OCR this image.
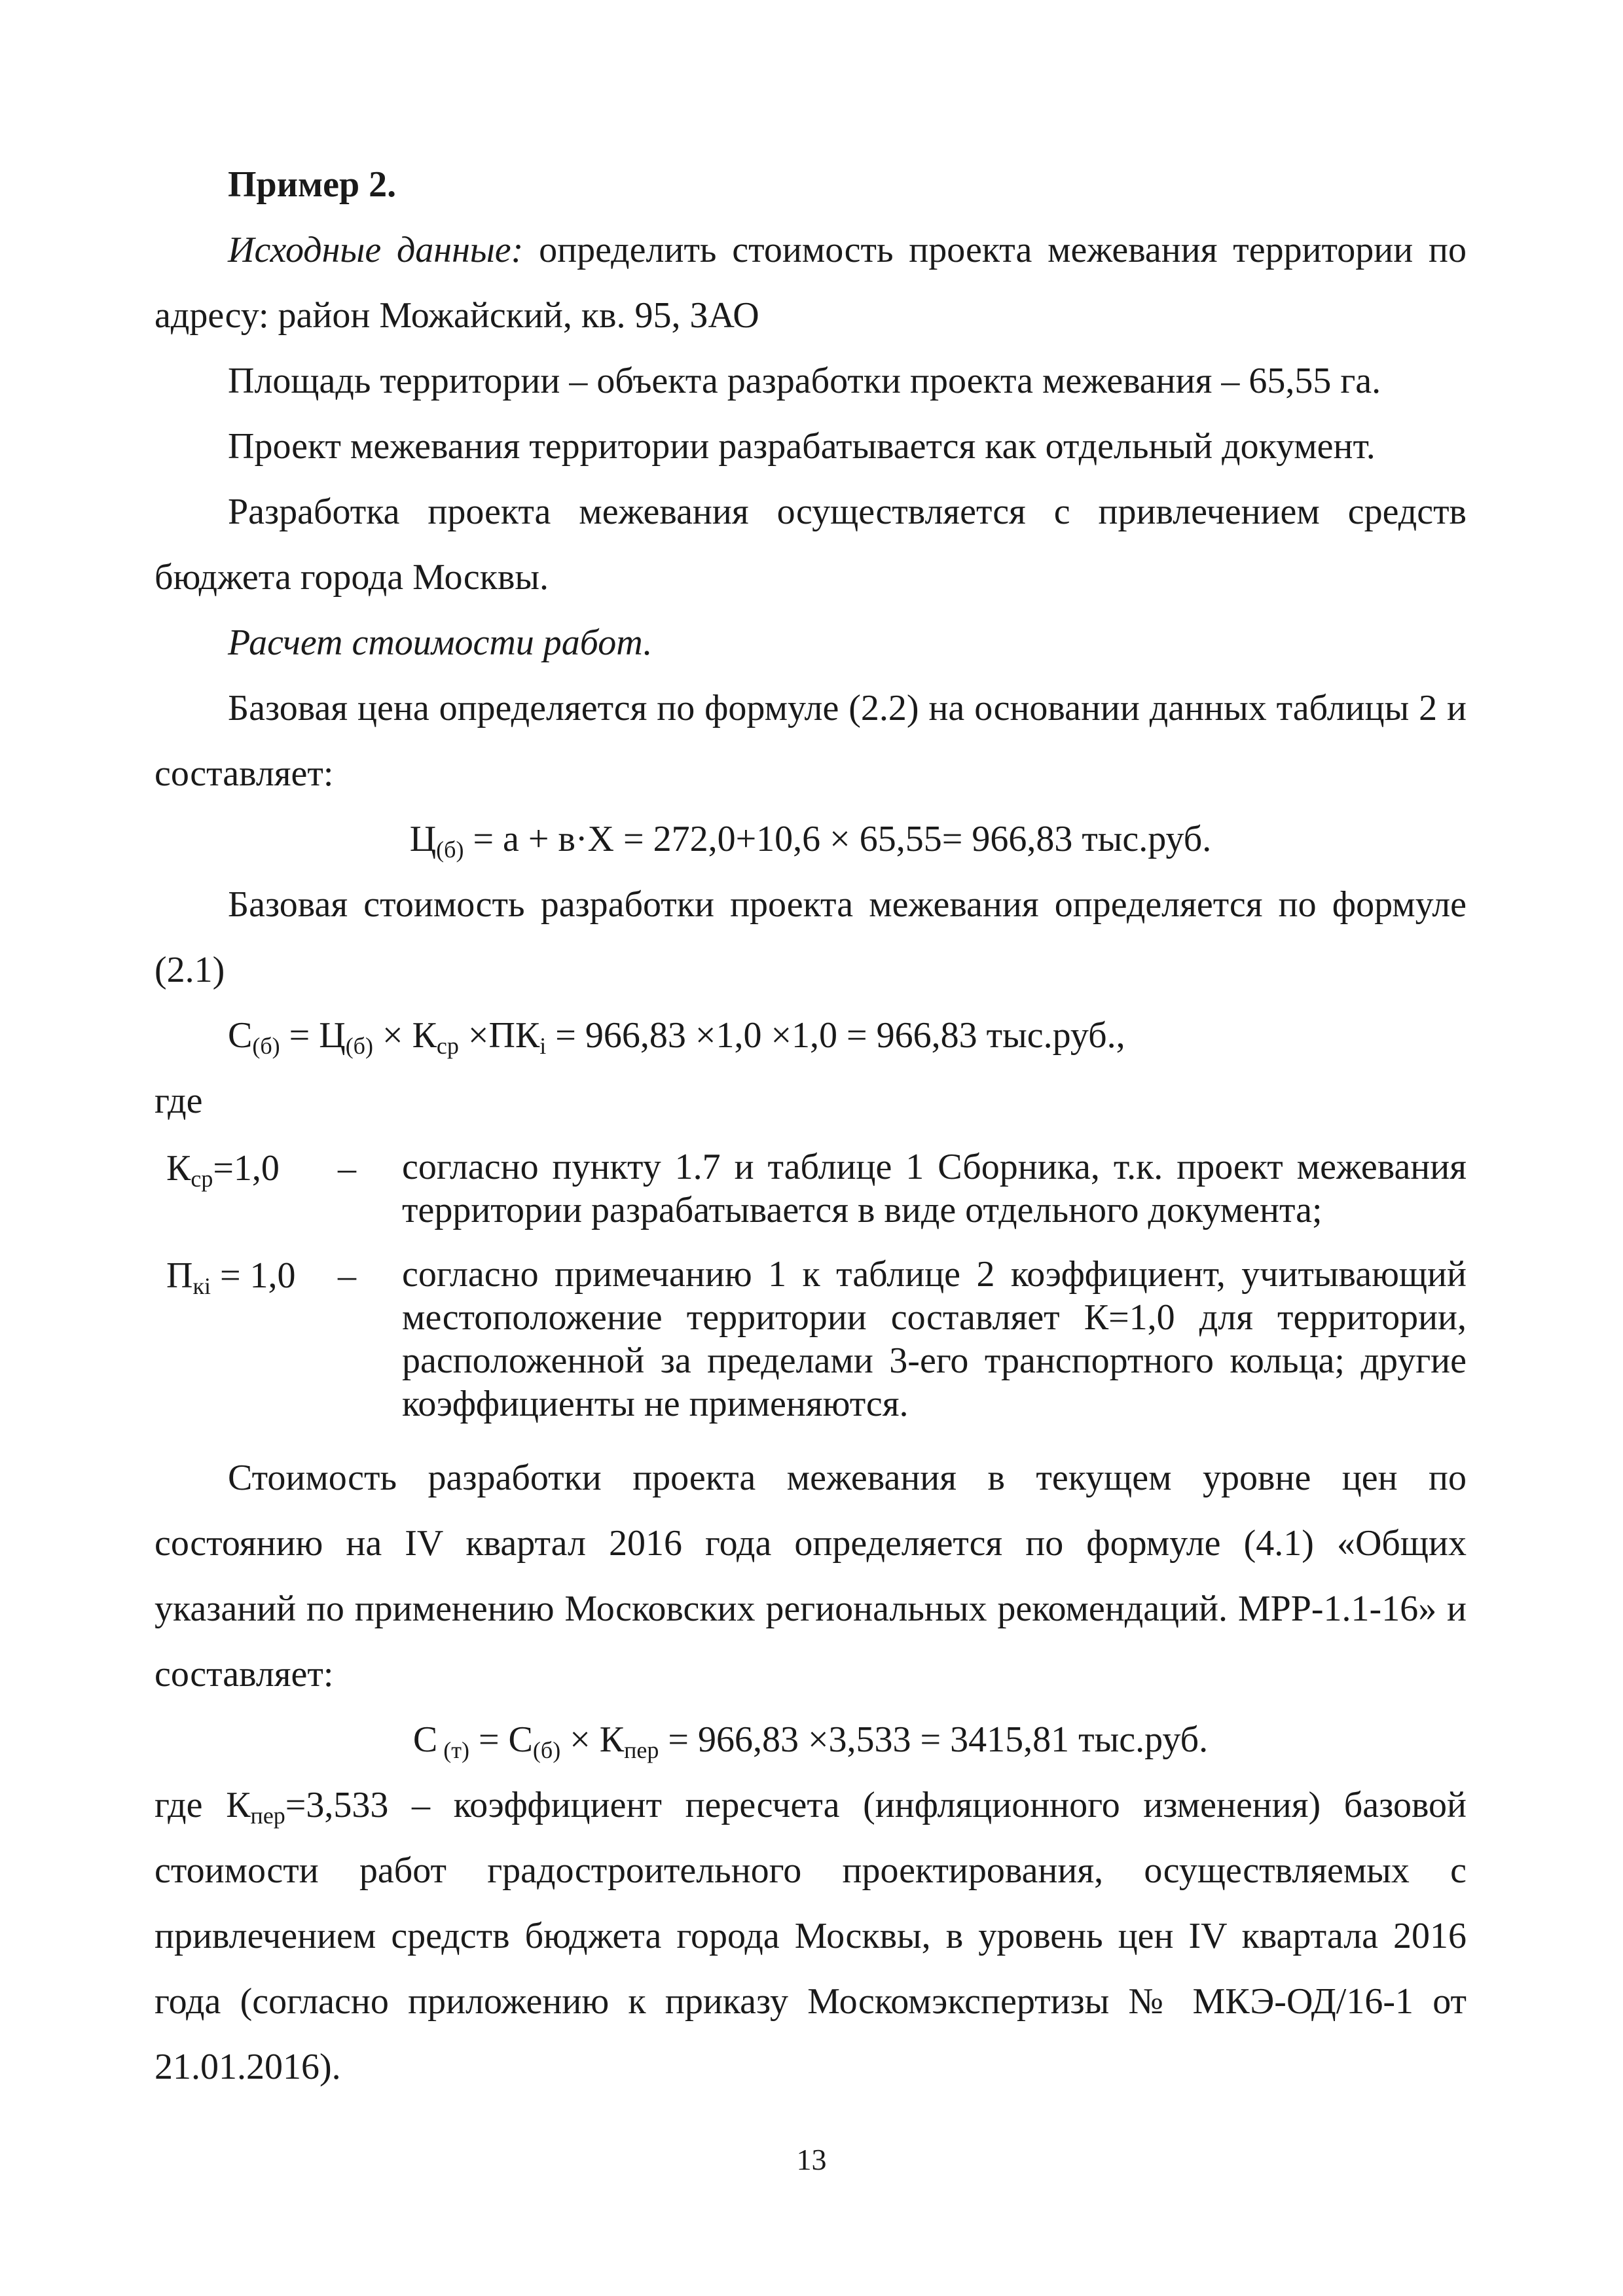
Пример 2.

Исходные данные: определить стоимость проекта межевания территории по адресу: район Можайский, кв. 95, ЗАО

Площадь территории – объекта разработки проекта межевания – 65,55 га.

Проект межевания территории разрабатывается как отдельный документ.

Разработка проекта межевания осуществляется с привлечением средств бюджета города Москвы.

Расчет стоимости работ.

Базовая цена определяется по формуле (2.2) на основании данных таблицы 2 и составляет:

$Ц_{(б)} = а + в\cdot Х = 272,0+10,6 \times 65,55= 966,83$ тыс.руб.

Базовая стоимость разработки проекта межевания определяется по формуле (2.1)

$С_{(б)} = Ц_{(б)} \times К_{ср} \times ПК_i = 966,83 \times 1,0 \times 1,0 = 966,83$ тыс.руб.,

где

$К_{ср}=1,0$	–	согласно пункту 1.7 и таблице 1 Сборника, т.к. проект межевания территории разрабатывается в виде отдельного документа;
$П_{кi} = 1,0$	–	согласно примечанию 1 к таблице 2 коэффициент, учитывающий местоположение территории составляет К=1,0 для территории, расположенной за пределами 3-его транспортного кольца; другие коэффициенты не применяются.

Стоимость разработки проекта межевания в текущем уровне цен по состоянию на IV квартал 2016 года определяется по формуле (4.1) «Общих указаний по применению Московских региональных рекомендаций. МРР-1.1-16» и составляет:

С $_{(т)} = С_{(б)} \times К_{пер} = 966,83 \times 3,533 = 3415,81$ тыс.руб.

где $К_{пер}=3,533$ – коэффициент пересчета (инфляционного изменения) базовой стоимости работ градостроительного проектирования, осуществляемых с привлечением средств бюджета города Москвы, в уровень цен IV квартала 2016 года (согласно приложению к приказу Москомэкспертизы № МКЭ-ОД/16-1 от 21.01.2016).

13
